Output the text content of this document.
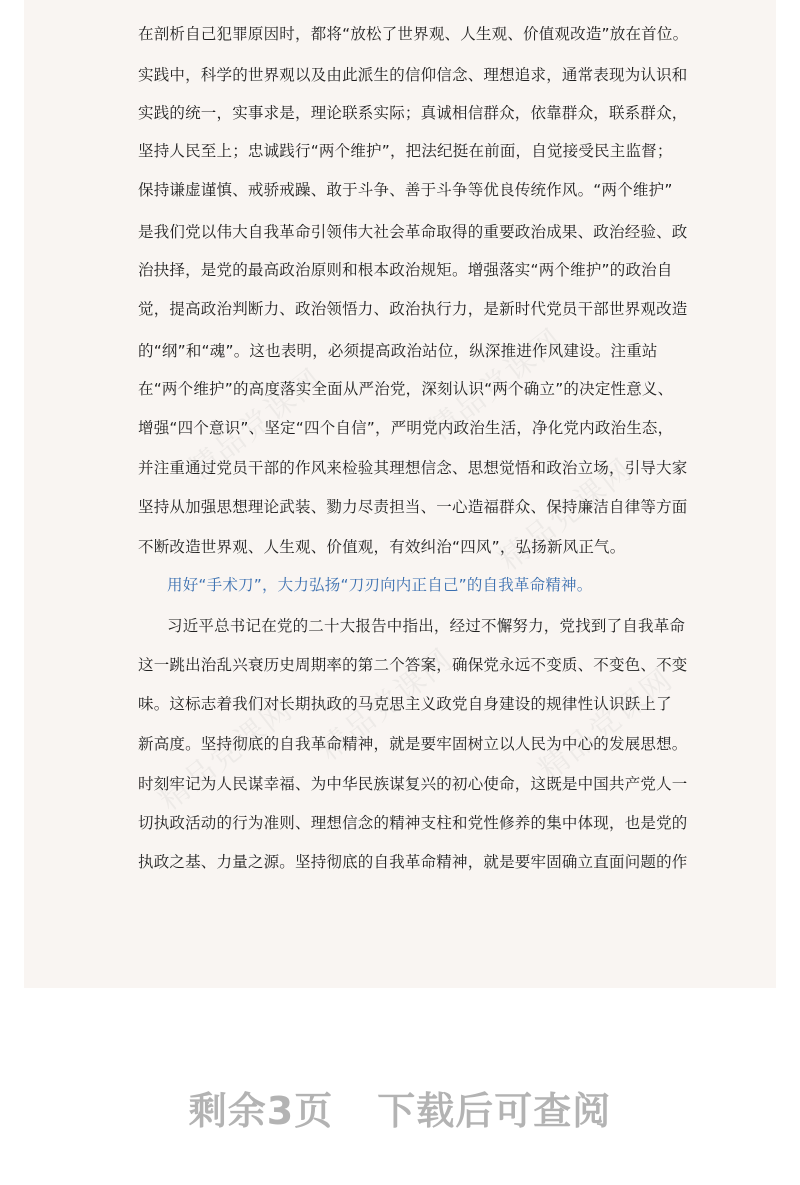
精品党课网	精品党课网
精品党课网
精品党课网
精品党课网	精品党课网
在剖析自己犯罪原因时，都将“放松了世界观、人生观、价值观改造”放在首位。
实践中，科学的世界观以及由此派生的信仰信念、理想追求，通常表现为认识和
实践的统一，实事求是，理论联系实际；真诚相信群众，依靠群众，联系群众，
坚持人民至上；忠诚践行“两个维护”，把法纪挺在前面，自觉接受民主监督；
保持谦虚谨慎、戒骄戒躁、敢于斗争、善于斗争等优良传统作风。“两个维护”
是我们党以伟大自我革命引领伟大社会革命取得的重要政治成果、政治经验、政
治抉择，是党的最高政治原则和根本政治规矩。增强落实“两个维护”的政治自
觉，提高政治判断力、政治领悟力、政治执行力，是新时代党员干部世界观改造
的“纲”和“魂”。这也表明，必须提高政治站位，纵深推进作风建设。注重站
在“两个维护”的高度落实全面从严治党，深刻认识“两个确立”的决定性意义、
增强“四个意识”、坚定“四个自信”，严明党内政治生活，净化党内政治生态，
并注重通过党员干部的作风来检验其理想信念、思想觉悟和政治立场，引导大家
坚持从加强思想理论武装、勠力尽责担当、一心造福群众、保持廉洁自律等方面
不断改造世界观、人生观、价值观，有效纠治“四风”，弘扬新风正气。
用好“手术刀”，大力弘扬“刀刃向内正自己”的自我革命精神。
习近平总书记在党的二十大报告中指出，经过不懈努力，党找到了自我革命
这一跳出治乱兴衰历史周期率的第二个答案，确保党永远不变质、不变色、不变
味。这标志着我们对长期执政的马克思主义政党自身建设的规律性认识跃上了
新高度。坚持彻底的自我革命精神，就是要牢固树立以人民为中心的发展思想。
时刻牢记为人民谋幸福、为中华民族谋复兴的初心使命，这既是中国共产党人一
切执政活动的行为准则、理想信念的精神支柱和党性修养的集中体现，也是党的
执政之基、力量之源。坚持彻底的自我革命精神，就是要牢固确立直面问题的作
剩余3页 下载后可查阅
